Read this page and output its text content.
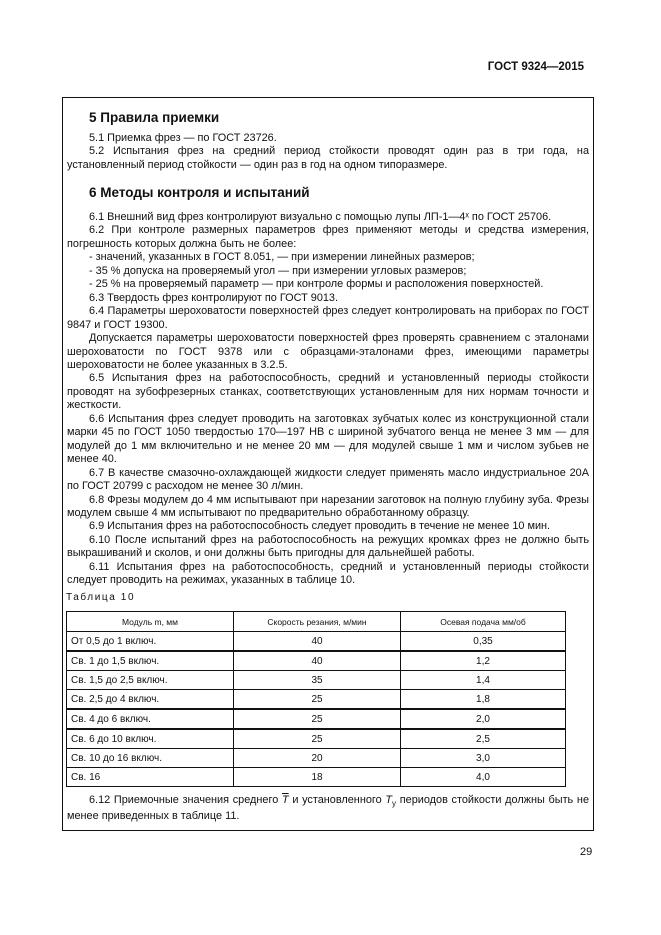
ГОСТ 9324—2015
5 Правила приемки

5.1 Приемка фрез — по ГОСТ 23726.

5.2 Испытания фрез на средний период стойкости проводят один раз в три года, на установленный период стойкости — один раз в год на одном типоразмере.

6 Методы контроля и испытаний

6.1 Внешний вид фрез контролируют визуально с помощью лупы ЛП-1—4ˣ по ГОСТ 25706.

6.2 При контроле размерных параметров фрез применяют методы и средства измерения, погрешность которых должна быть не более:

- значений, указанных в ГОСТ 8.051, — при измерении линейных размеров;

- 35 % допуска на проверяемый угол — при измерении угловых размеров;

- 25 % на проверяемый параметр — при контроле формы и расположения поверхностей.

6.3 Твердость фрез контролируют по ГОСТ 9013.

6.4 Параметры шероховатости поверхностей фрез следует контролировать на приборах по ГОСТ 9847 и ГОСТ 19300.

Допускается параметры шероховатости поверхностей фрез проверять сравнением с эталонами шероховатости по ГОСТ 9378 или с образцами-эталонами фрез, имеющими параметры шероховатости не более указанных в 3.2.5.

6.5 Испытания фрез на работоспособность, средний и установленный периоды стойкости проводят на зубофрезерных станках, соответствующих установленным для них нормам точности и жесткости.

6.6 Испытания фрез следует проводить на заготовках зубчатых колес из конструкционной стали марки 45 по ГОСТ 1050 твердостью 170—197 НВ с шириной зубчатого венца не менее 3 мм — для модулей до 1 мм включительно и не менее 20 мм — для модулей свыше 1 мм и числом зубьев не менее 40.

6.7 В качестве смазочно-охлаждающей жидкости следует применять масло индустриальное 20А по ГОСТ 20799 с расходом не менее 30 л/мин.

6.8 Фрезы модулем до 4 мм испытывают при нарезании заготовок на полную глубину зуба. Фрезы модулем свыше 4 мм испытывают по предварительно обработанному образцу.

6.9 Испытания фрез на работоспособность следует проводить в течение не менее 10 мин.

6.10 После испытаний фрез на работоспособность на режущих кромках фрез не должно быть выкрашиваний и сколов, и они должны быть пригодны для дальнейшей работы.

6.11 Испытания фрез на работоспособность, средний и установленный периоды стойкости следует проводить на режимах, указанных в таблице 10.

Таблица 10
Модуль m, мм	Скорость резания, м/мин	Осевая подача мм/об
От 0,5 до 1 включ.	40	0,35
Св. 1 до 1,5 включ.	40	1,2
Св. 1,5 до 2,5 включ.	35	1,4
Св. 2,5 до 4 включ.	25	1,8
Св. 4 до 6 включ.	25	2,0
Св. 6 до 10 включ.	25	2,5
Св. 10 до 16 включ.	20	3,0
Св. 16	18	4,0

6.12 Приемочные значения среднего $\overline{T}$ и установленного $T_у$ периодов стойкости должны быть не менее приведенных в таблице 11.

29
